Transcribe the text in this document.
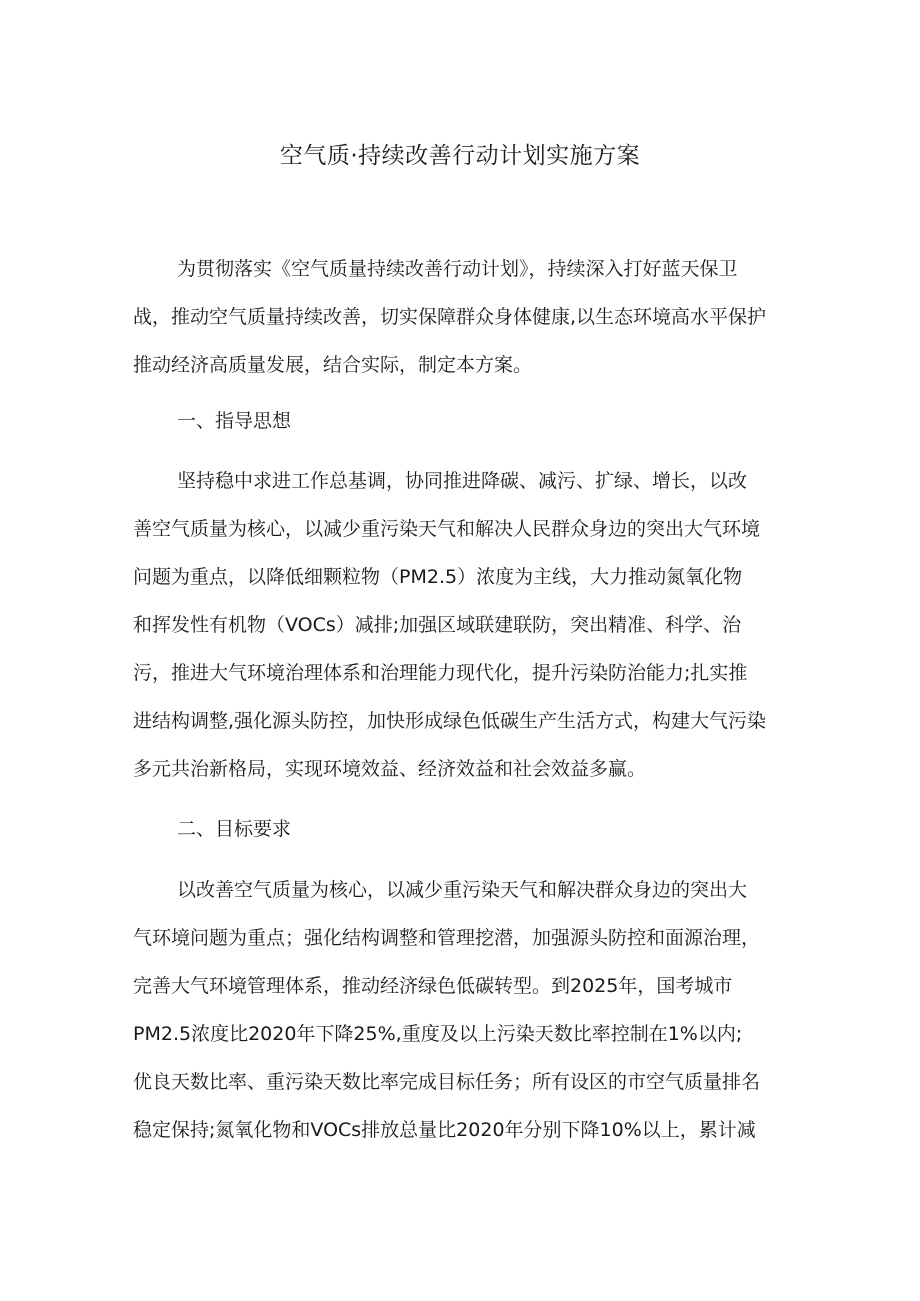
空气质·持续改善行动计划实施方案
为贯彻落实《空气质量持续改善行动计划》，持续深入打好蓝天保卫
战，推动空气质量持续改善，切实保障群众身体健康,以生态环境高水平保护
推动经济高质量发展，结合实际，制定本方案。
一、指导思想
坚持稳中求进工作总基调，协同推进降碳、减污、扩绿、增长，以改
善空气质量为核心，以减少重污染天气和解决人民群众身边的突出大气环境
问题为重点，以降低细颗粒物（PM2.5）浓度为主线，大力推动氮氧化物
和挥发性有机物（VOCs）减排;加强区域联建联防，突出精准、科学、治
污，推进大气环境治理体系和治理能力现代化，提升污染防治能力;扎实推
进结构调整,强化源头防控，加快形成绿色低碳生产生活方式，构建大气污染
多元共治新格局，实现环境效益、经济效益和社会效益多赢。
二、目标要求
以改善空气质量为核心，以减少重污染天气和解决群众身边的突出大
气环境问题为重点；强化结构调整和管理挖潜，加强源头防控和面源治理，
完善大气环境管理体系，推动经济绿色低碳转型。到2025年，国考城市
PM2.5浓度比2020年下降25%,重度及以上污染天数比率控制在1%以内;
优良天数比率、重污染天数比率完成目标任务；所有设区的市空气质量排名
稳定保持;氮氧化物和VOCs排放总量比2020年分别下降10%以上，累计减
